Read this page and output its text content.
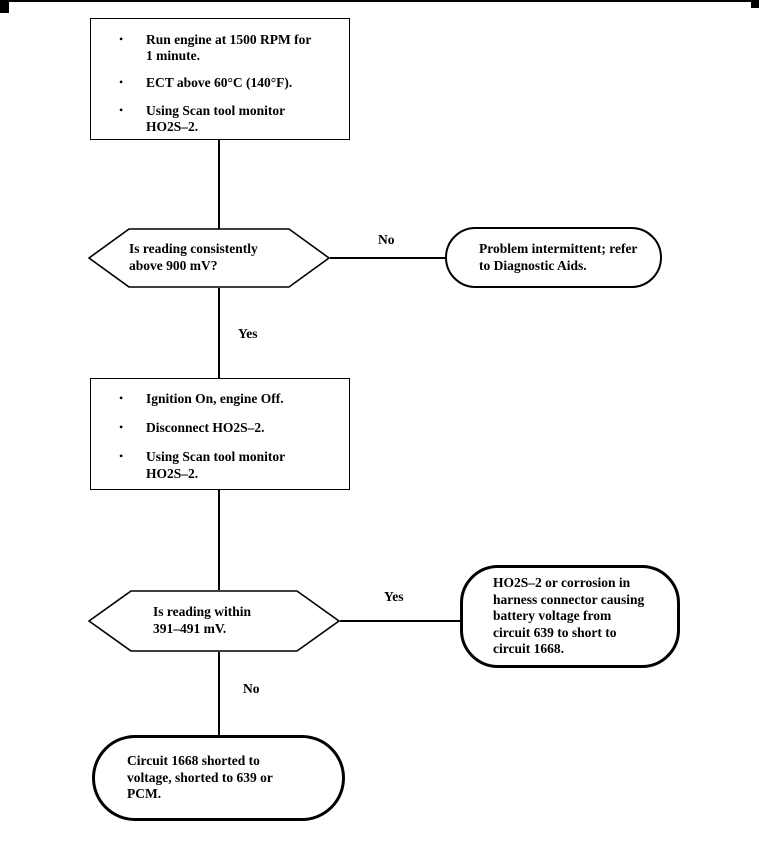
No
Yes
Yes
No
•	Run engine at 1500 RPM for 1 minute.
•	ECT above 60°C (140°F).
•	Using Scan tool monitor HO2S–2.
Is reading consistently above 900 mV?
Problem intermittent; refer to Diagnostic Aids.
•	Ignition On, engine Off.
•	Disconnect HO2S–2.
•	Using Scan tool monitor HO2S–2.
Is reading within 391–491 mV.
HO2S–2 or corrosion in harness connector causing battery voltage from circuit 639 to short to circuit 1668.
Circuit 1668 shorted to voltage, shorted to 639 or PCM.
